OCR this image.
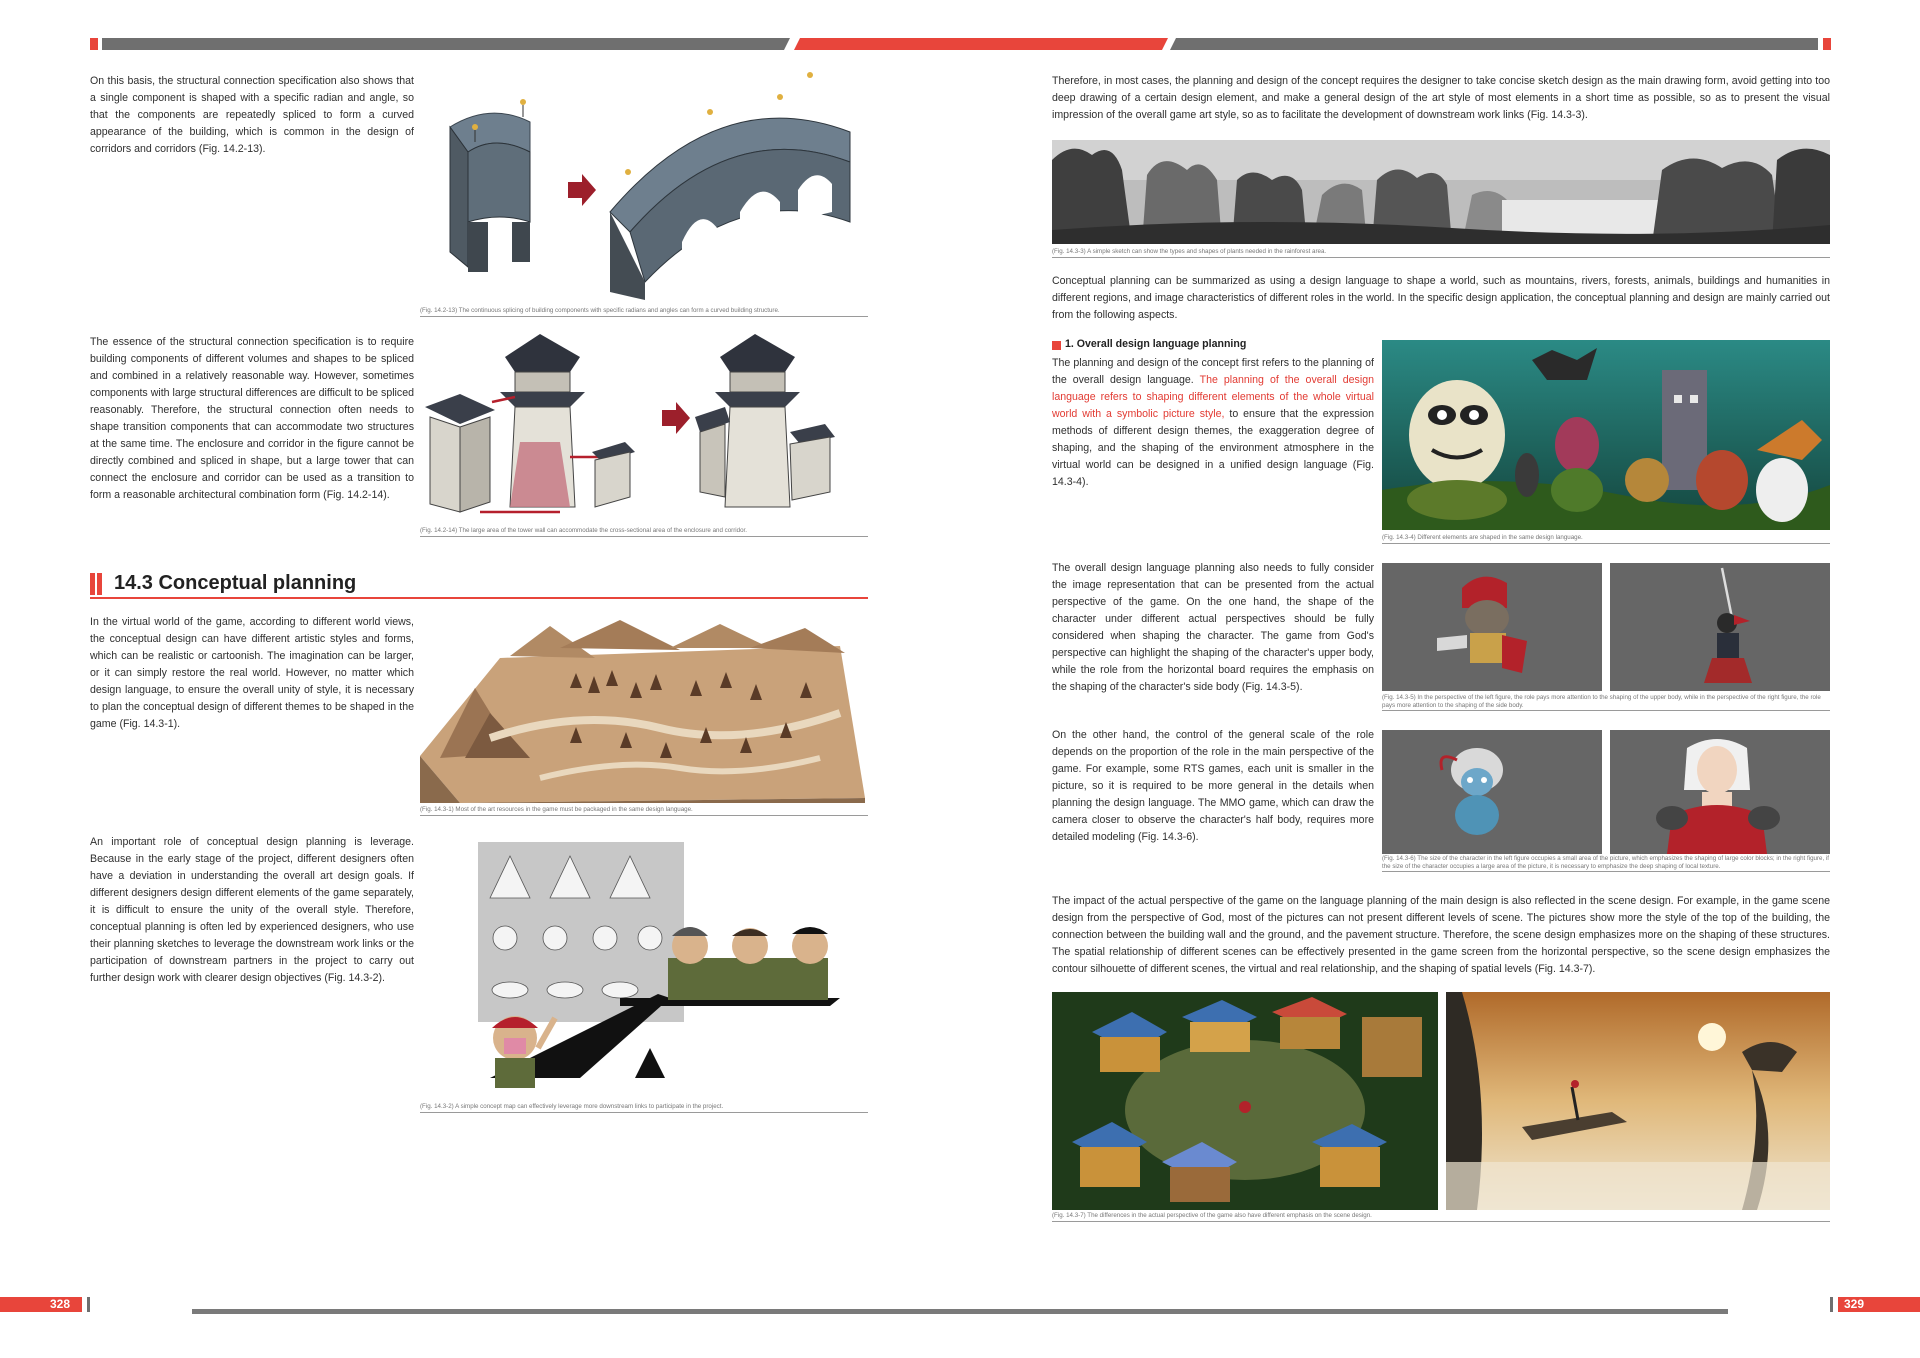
On this basis, the structural connection specification also shows that a single component is shaped with a specific radian and angle, so that the components are repeatedly spliced to form a curved appearance of the building, which is common in the design of corridors and corridors (Fig. 14.2-13).

(Fig. 14.2-13) The continuous splicing of building components with specific radians and angles can form a curved building structure.

The essence of the structural connection specification is to require building components of different volumes and shapes to be spliced and combined in a relatively reasonable way. However, sometimes components with large structural differences are difficult to be spliced reasonably. Therefore, the structural connection often needs to shape transition components that can accommodate two structures at the same time. The enclosure and corridor in the figure cannot be directly combined and spliced in shape, but a large tower that can connect the enclosure and corridor can be used as a transition to form a reasonable architectural combination form (Fig. 14.2-14).

(Fig. 14.2-14) The large area of the tower wall can accommodate the cross-sectional area of the enclosure and corridor.
14.3 Conceptual planning

In the virtual world of the game, according to different world views, the conceptual design can have different artistic styles and forms, which can be realistic or cartoonish. The imagination can be larger, or it can simply restore the real world. However, no matter which design language, to ensure the overall unity of style, it is necessary to plan the conceptual design of different themes to be shaped in the game (Fig. 14.3-1).

(Fig. 14.3-1) Most of the art resources in the game must be packaged in the same design language.

An important role of conceptual design planning is leverage. Because in the early stage of the project, different designers often have a deviation in understanding the overall art design goals. If different designers design different elements of the game separately, it is difficult to ensure the unity of the overall style. Therefore, conceptual planning is often led by experienced designers, who use their planning sketches to leverage the downstream work links or the participation of downstream partners in the project to carry out further design work with clearer design objectives (Fig. 14.3-2).

(Fig. 14.3-2) A simple concept map can effectively leverage more downstream links to participate in the project.

Therefore, in most cases, the planning and design of the concept requires the designer to take concise sketch design as the main drawing form, avoid getting into too deep drawing of a certain design element, and make a general design of the art style of most elements in a short time as possible, so as to present the visual impression of the overall game art style, so as to facilitate the development of downstream work links (Fig. 14.3-3).

(Fig. 14.3-3) A simple sketch can show the types and shapes of plants needed in the rainforest area.

Conceptual planning can be summarized as using a design language to shape a world, such as mountains, rivers, forests, animals, buildings and humanities in different regions, and image characteristics of different roles in the world. In the specific design application, the conceptual planning and design are mainly carried out from the following aspects.

1. Overall design language planning

The planning and design of the concept first refers to the planning of the overall design language. The planning of the overall design language refers to shaping different elements of the whole virtual world with a symbolic picture style, to ensure that the expression methods of different design themes, the exaggeration degree of shaping, and the shaping of the environment atmosphere in the virtual world can be designed in a unified design language (Fig. 14.3-4).

(Fig. 14.3-4) Different elements are shaped in the same design language.

The overall design language planning also needs to fully consider the image representation that can be presented from the actual perspective of the game. On the one hand, the shape of the character under different actual perspectives should be fully considered when shaping the character. The game from God's perspective can highlight the shaping of the character's upper body, while the role from the horizontal board requires the emphasis on the shaping of the character's side body (Fig. 14.3-5).

(Fig. 14.3-5) In the perspective of the left figure, the role pays more attention to the shaping of the upper body, while in the perspective of the right figure, the role pays more attention to the shaping of the side body.

On the other hand, the control of the general scale of the role depends on the proportion of the role in the main perspective of the game. For example, some RTS games, each unit is smaller in the picture, so it is required to be more general in the details when planning the design language. The MMO game, which can draw the camera closer to observe the character's half body, requires more detailed modeling (Fig. 14.3-6).

(Fig. 14.3-6) The size of the character in the left figure occupies a small area of the picture, which emphasizes the shaping of large color blocks; in the right figure, if the size of the character occupies a large area of the picture, it is necessary to emphasize the deep shaping of local texture.

The impact of the actual perspective of the game on the language planning of the main design is also reflected in the scene design. For example, in the game scene design from the perspective of God, most of the pictures can not present different levels of scene. The pictures show more the style of the top of the building, the connection between the building wall and the ground, and the pavement structure. Therefore, the scene design emphasizes more on the shaping of these structures. The spatial relationship of different scenes can be effectively presented in the game screen from the horizontal perspective, so the scene design emphasizes the contour silhouette of different scenes, the virtual and real relationship, and the shaping of spatial levels (Fig. 14.3-7).

(Fig. 14.3-7) The differences in the actual perspective of the game also have different emphasis on the scene design.
328	329
